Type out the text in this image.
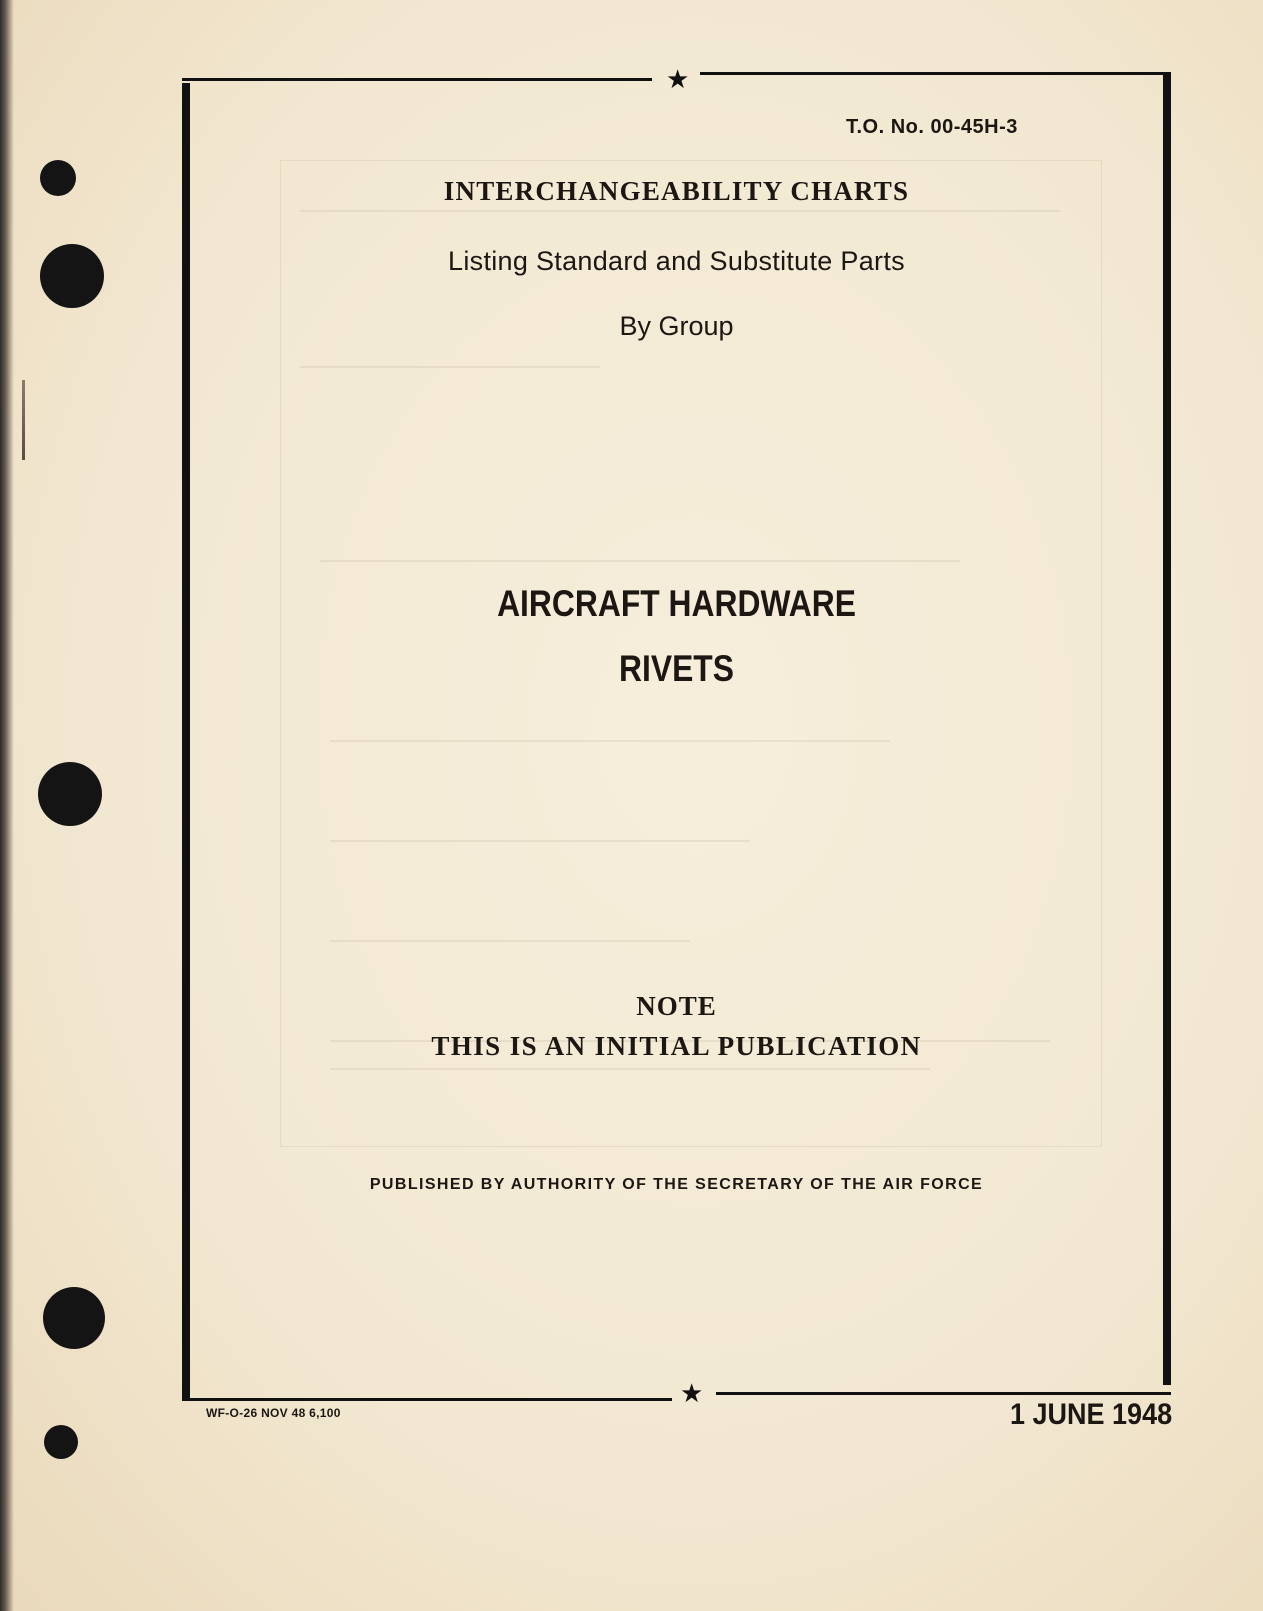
★
★
T.O. No. 00-45H-3
INTERCHANGEABILITY CHARTS
Listing Standard and Substitute Parts
By Group
AIRCRAFT HARDWARE
RIVETS
NOTE
THIS IS AN INITIAL PUBLICATION
PUBLISHED BY AUTHORITY OF THE SECRETARY OF THE AIR FORCE
WF-O-26 NOV 48 6,100	1 JUNE 1948
